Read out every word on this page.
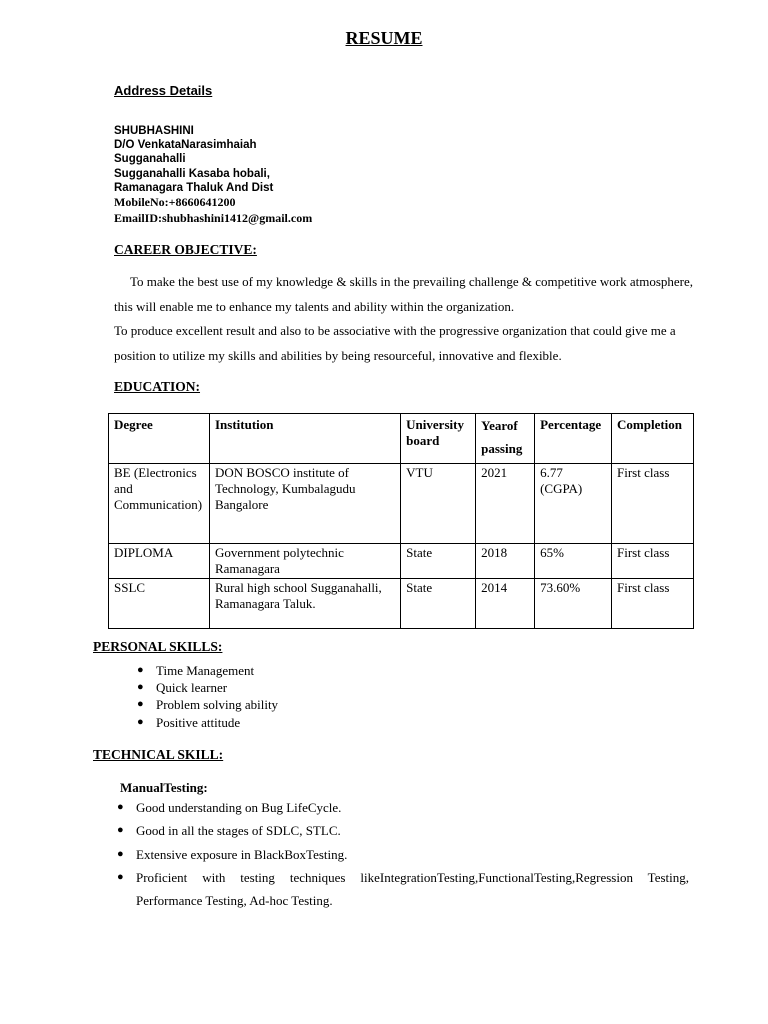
RESUME
Address Details
SHUBHASHINI
D/O VenkataNarasimhaiah
Sugganahalli
Sugganahalli Kasaba hobali,
Ramanagara Thaluk And Dist
MobileNo:+8660641200
EmailID:shubhashini1412@gmail.com
CAREER OBJECTIVE:

To make the best use of my knowledge & skills in the prevailing challenge & competitive work atmosphere, this will enable me to enhance my talents and ability within the organization.

To produce excellent result and also to be associative with the progressive organization that could give me a position to utilize my skills and abilities by being resourceful, innovative and flexible.

EDUCATION:
Degree	Institution	University board	Yearof passing	Percentage	Completion
BE (Electronics and Communication)	DON BOSCO institute of Technology, Kumbalagudu Bangalore	VTU	2021	6.77 (CGPA)	First class
DIPLOMA	Government polytechnic Ramanagara	State	2018	65%	First class
SSLC	Rural high school Sugganahalli, Ramanagara Taluk.	State	2014	73.60%	First class
PERSONAL SKILLS:
● Time Management
● Quick learner
● Problem solving ability
● Positive attitude
TECHNICAL SKILL:
ManualTesting:
● Good understanding on Bug LifeCycle.
● Good in all the stages of SDLC, STLC.
● Extensive exposure in BlackBoxTesting.
● Proficient with testing techniques likeIntegrationTesting,FunctionalTesting,Regression Testing, Performance Testing, Ad-hoc Testing.
